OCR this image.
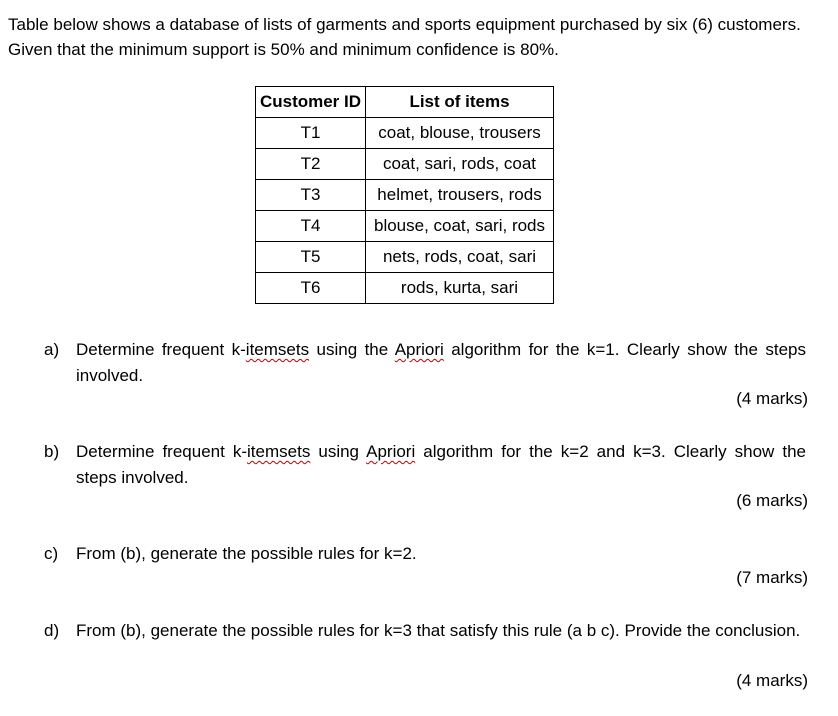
Table below shows a database of lists of garments and sports equipment purchased by six (6) customers. Given that the minimum support is 50% and minimum confidence is 80%.

Customer ID	List of items
T1	coat, blouse, trousers
T2	coat, sari, rods, coat
T3	helmet, trousers, rods
T4	blouse, coat, sari, rods
T5	nets, rods, coat, sari
T6	rods, kurta, sari
a) Determine frequent k-itemsets using the Apriori algorithm for the k=1. Clearly show the steps involved.
(4 marks)
b) Determine frequent k-itemsets using Apriori algorithm for the k=2 and k=3. Clearly show the steps involved.
(6 marks)
c) From (b), generate the possible rules for k=2.
(7 marks)
d) From (b), generate the possible rules for k=3 that satisfy this rule (a b c). Provide the conclusion.
(4 marks)
